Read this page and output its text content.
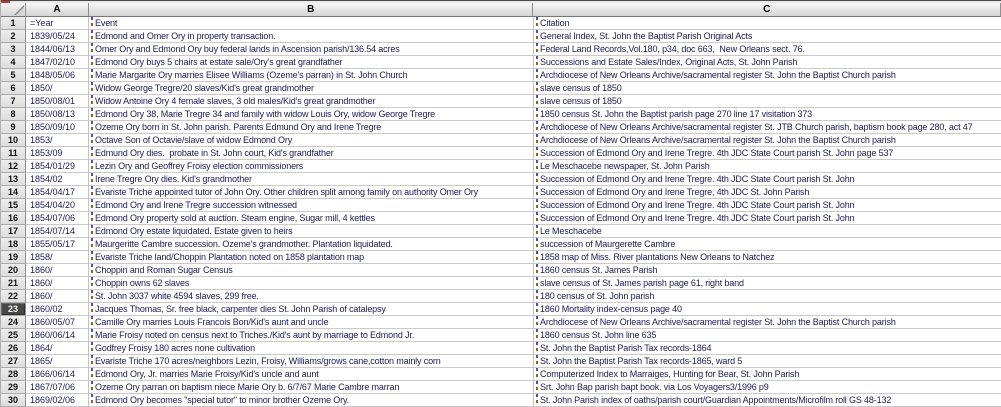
A	B	C
1	=Year	Event	Citation
2	1839/05/24	Edmond and Omer Ory in property transaction.	General Index, St. John the Baptist Parish Original Acts
3	1844/06/13	Omer Ory and Edmond Ory buy federal lands in Ascension parish/136.54 acres	Federal Land Records,Vol.180, p34, doc 663,  New Orleans sect. 76.
4	1847/02/10	Edmond Ory buys 5 chairs at estate sale/Ory's great grandfather	Successions and Estate Sales/Index, Original Acts, St. John Parish
5	1848/05/06	Marie Margarite Ory marries Elisee Williams (Ozeme's parran) in St. John Church	Archdiocese of New Orleans Archive/sacramental register St. John the Baptist Church parish
6	1850/	Widow George Tregre/20 slaves/Kid's great grandmother	slave census of 1850
7	1850/08/01	Widow Antoine Ory 4 female slaves, 3 old males/Kid's great grandmother	slave census of 1850
8	1850/08/13	Edmond Ory 38, Marie Tregre 34 and family with widow Louis Ory, widow George Tregre	1850 census St. John the Baptist parish page 270 line 17 visitation 373
9	1850/09/10	Ozeme Ory born in St. John parish. Parents Edmund Ory and Irene Tregre	Archdiocese of New Orleans Archive/sacramental register St. JTB Church parish, baptism book page 280, act 47
10	1853/	Octave Son of Octavie/slave of widow Edmond Ory	Archdiocese of New Orleans Archive/sacramental register St. John the Baptist Church parish
11	1853/09	Edmund Ory dies.  probate in St. John court, Kid's grandfather	Succession of Edmond Ory and Irene Tregre. 4th JDC State Court parish St. John page 537
12	1854/01/29	Lezin Ory and Geoffrey Froisy election commissioners	Le Meschacebe newspaper, St. John Parish
13	1854/02	Irene Tregre Ory dies. Kid's grandmother	Succession of Edmond Ory and Irene Tregre. 4th JDC State Court parish St. John
14	1854/04/17	Evariste Triche appointed tutor of John Ory. Other children split among family on authority Omer Ory	Succession of Edmond Ory and Irene Tregre, 4th JDC St. John Parish
15	1854/04/20	Edmond Ory and Irene Tregre succession witnessed	Succession of Edmond Ory and Irene Tregre. 4th JDC State Court parish St. John
16	1854/07/06	Edmond Ory property sold at auction. Steam engine, Sugar mill, 4 kettles	Succession of Edmond Ory and Irene Tregre. 4th JDC State Court parish St. John
17	1854/07/14	Edmond Ory estate liquidated. Estate given to heirs	Le Meschacebe
18	1855/05/17	Maurgeritte Cambre succession. Ozeme's grandmother. Plantation liquidated.	succession of Maurgerette Cambre
19	1858/	Evariste Triche land/Choppin Plantation noted on 1858 plantation map	1858 map of Miss. River plantations New Orleans to Natchez
20	1860/	Choppin and Roman Sugar Census	1860 census St. James Parish
21	1860/	Choppin owns 62 slaves	slave census of St. James parish page 61, right band
22	1860/	St. John 3037 white 4594 slaves, 299 free.	180 census of St. John parish
23	1860/02	Jacques Thomas, Sr. free black, carpenter dies St. John Parish of catalepsy	1860 Mortality index-census page 40
24	1860/05/07	Camille Ory marries Louis Francois Bon/Kid's aunt and uncle	Archdiocese of New Orleans Archive/sacramental register St. John the Baptist Church parish
25	1860/06/14	Marie Froisy noted on census next to Triches./Kid's aunt by marriage to Edmond Jr.	1860 census St. John line 635
26	1864/	Godfrey Froisy 180 acres none cultivation	St. John the Baptist Parish Tax records-1864
27	1865/	Evariste Triche 170 acres/neighbors Lezin, Froisy, Williams/grows cane,cotton mainly corn	St. John the Baptist Parish Tax records-1865, ward 5
28	1866/06/14	Edmond Ory, Jr. marries Marie Froisy/Kid's uncle and aunt	Computerized Index to Marraiges, Hunting for Bear, St. John Parish
29	1867/07/06	Ozeme Ory parran on baptism niece Marie Ory b. 6/7/67 Marie Cambre marran	Srt. John Bap parish bapt book. via Los Voyagers3/1996 p9
30	1869/02/06	Edmond Ory becomes "special tutor" to minor brother Ozeme Ory.	St. John Parish index of oaths/parish court/Guardian Appointments/Microfilm roll GS 48-132
